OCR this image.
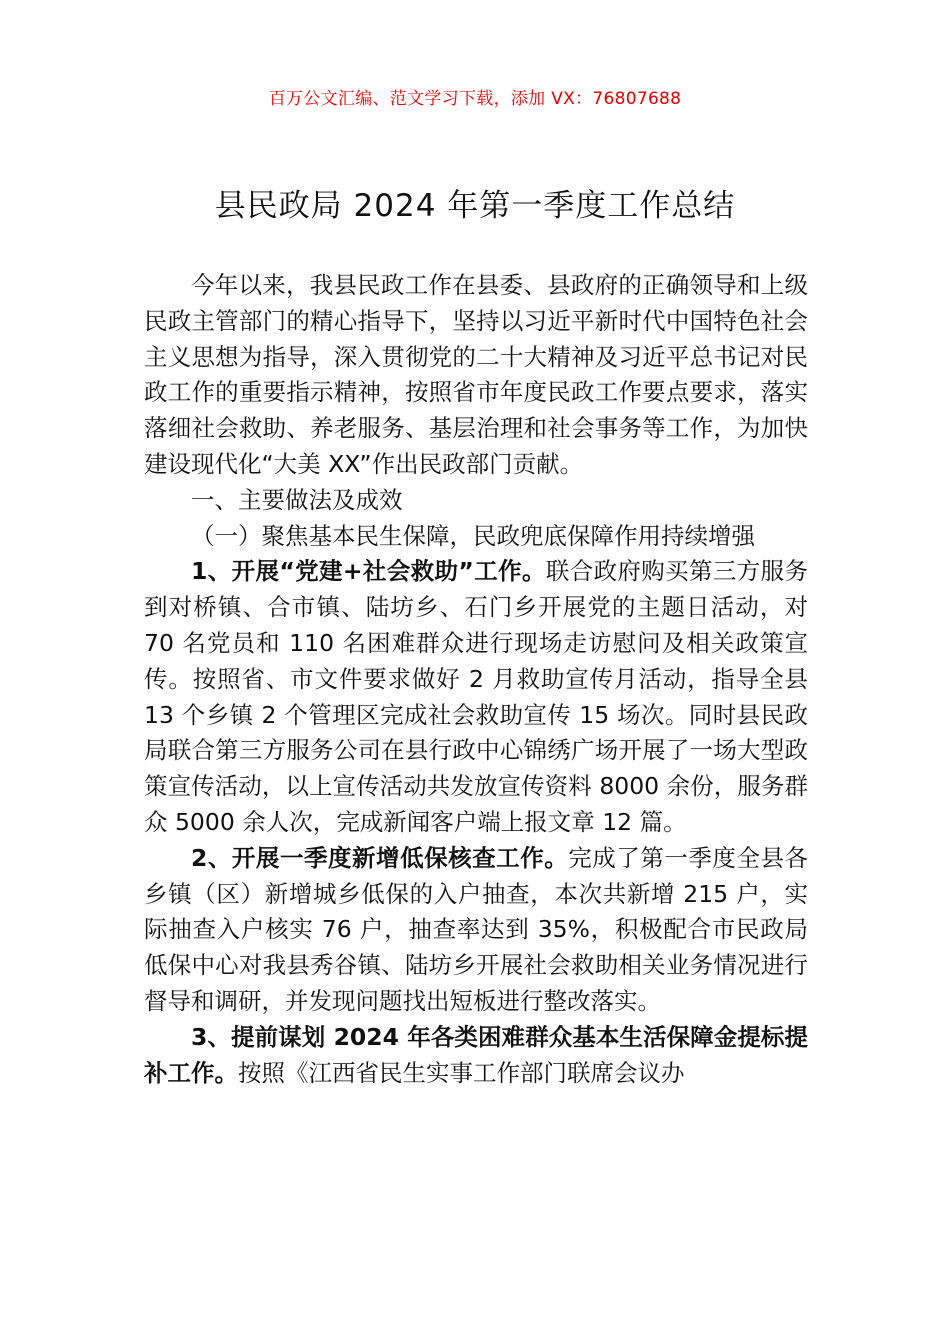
百万公文汇编、范文学习下载，添加 VX：76807688
县民政局 2024 年第一季度工作总结

今年以来，我县民政工作在县委、县政府的正确领导和上级民政主管部门的精心指导下，坚持以习近平新时代中国特色社会主义思想为指导，深入贯彻党的二十大精神及习近平总书记对民政工作的重要指示精神，按照省市年度民政工作要点要求，落实落细社会救助、养老服务、基层治理和社会事务等工作，为加快建设现代化“大美 XX”作出民政部门贡献。

一、主要做法及成效

（一）聚焦基本民生保障，民政兜底保障作用持续增强

1、开展“党建+社会救助”工作。联合政府购买第三方服务到对桥镇、合市镇、陆坊乡、石门乡开展党的主题日活动，对 70 名党员和 110 名困难群众进行现场走访慰问及相关政策宣传。按照省、市文件要求做好 2 月救助宣传月活动，指导全县 13 个乡镇 2 个管理区完成社会救助宣传 15 场次。同时县民政局联合第三方服务公司在县行政中心锦绣广场开展了一场大型政策宣传活动，以上宣传活动共发放宣传资料 8000 余份，服务群众 5000 余人次，完成新闻客户端上报文章 12 篇。

2、开展一季度新增低保核查工作。完成了第一季度全县各乡镇（区）新增城乡低保的入户抽查，本次共新增 215 户，实际抽查入户核实 76 户，抽查率达到 35%，积极配合市民政局低保中心对我县秀谷镇、陆坊乡开展社会救助相关业务情况进行督导和调研，并发现问题找出短板进行整改落实。

3、提前谋划 2024 年各类困难群众基本生活保障金提标提补工作。按照《江西省民生实事工作部门联席会议办
